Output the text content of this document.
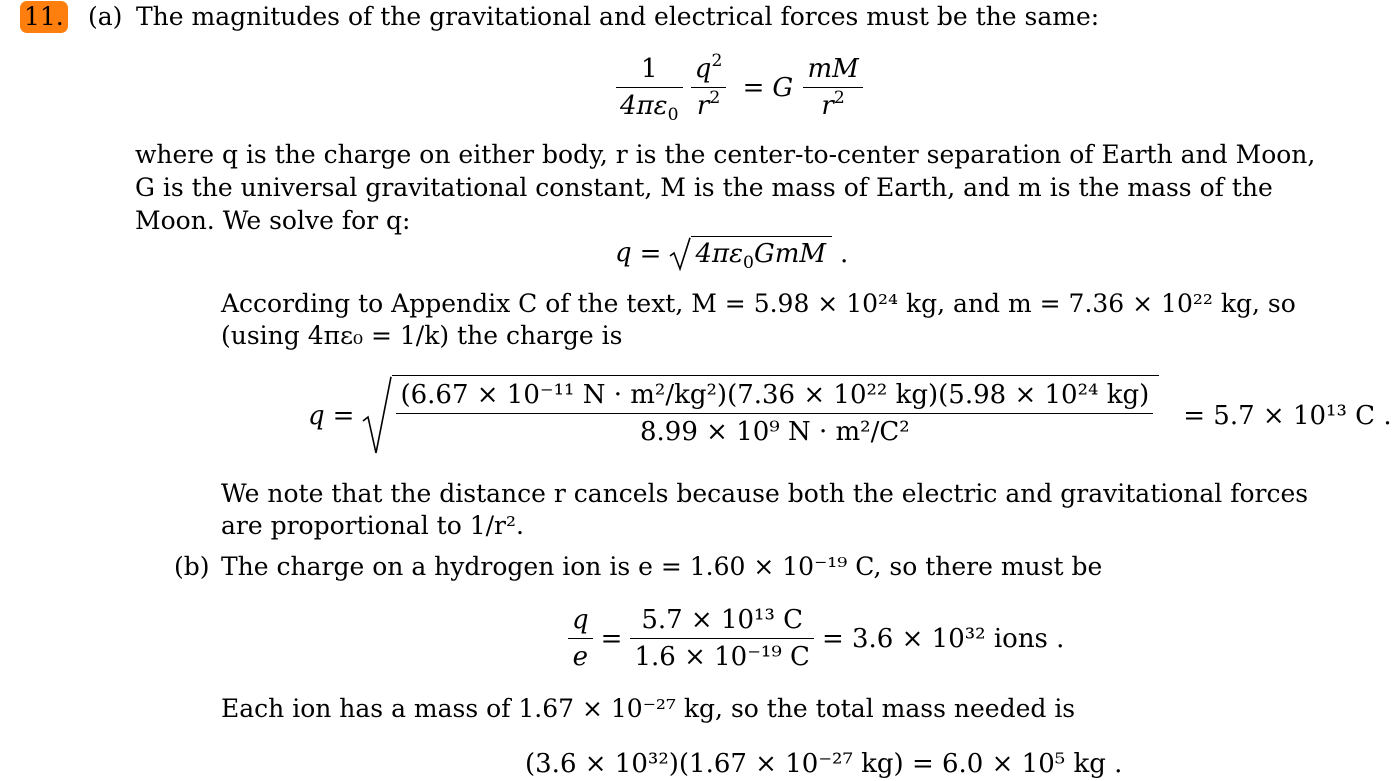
11. (a) The magnitudes of the gravitational and electrical forces must be the same:
$\frac{1}{4\pi\varepsilon_0}$
$\frac{q^2}{r^2} = G \frac{mM}{r^2}$
where q is the charge on either body, r is the center-to-center separation of Earth and Moon, G is the universal gravitational constant, M is the mass of Earth, and m is the mass of the Moon. We solve for q:
$q = 4\pi\varepsilon_0GmM$ .
According to Appendix C of the text, M = 5.98 × 10²⁴ kg, and m = 7.36 × 10²² kg, so (using 4πε₀ = 1/k) the charge is
$q = \frac{\text{(6.67 × 10⁻¹¹ N · m²/kg²)(7.36 × 10²² kg)(5.98 × 10²⁴ kg)}}{\text{8.99 × 10⁹ N · m²/C²}} = 5.7 \times 10^{13}$ C .
We note that the distance r cancels because both the electric and gravitational forces are proportional to 1/r².
(b) The charge on a hydrogen ion is e = 1.60 × 10⁻¹⁹ C, so there must be
$\frac{q}{e} = \frac{\text{5.7 × 10¹³ C}}{\text{1.6 × 10⁻¹⁹ C}} = 3.6 \times 10^{32}$ ions .
Each ion has a mass of 1.67 × 10⁻²⁷ kg, so the total mass needed is
(3.6 × 10³²)(1.67 × 10⁻²⁷ kg) = 6.0 × 10⁵ kg .
